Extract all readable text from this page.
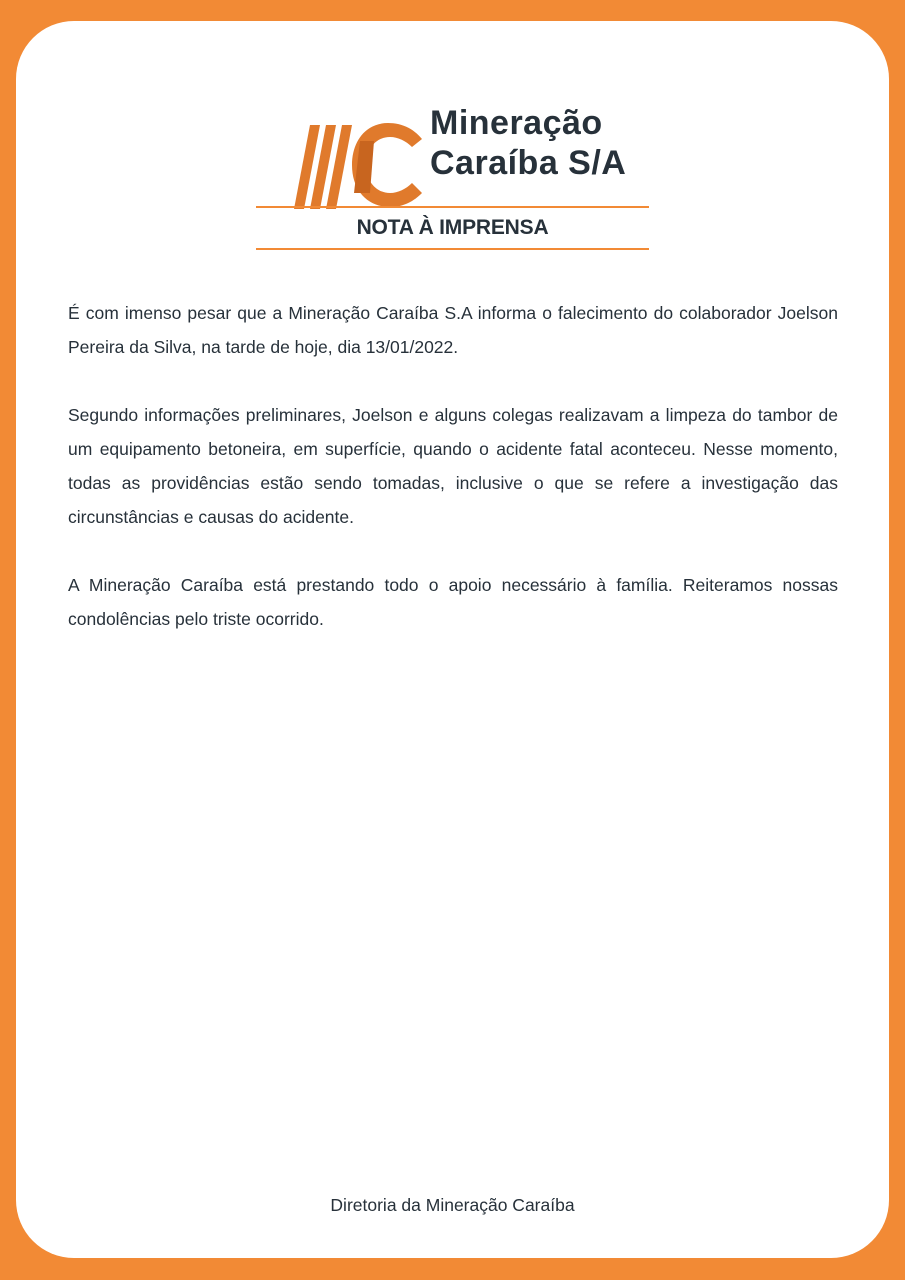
Mineração
Caraíba S/A
NOTA À IMPRENSA

É com imenso pesar que a Mineração Caraíba S.A informa o falecimento do colaborador Joelson Pereira da Silva, na tarde de hoje, dia 13/01/2022.

Segundo informações preliminares, Joelson e alguns colegas realizavam a limpeza do tambor de um equipamento betoneira, em superfície, quando o acidente fatal aconteceu. Nesse momento, todas as providências estão sendo tomadas, inclusive o que se refere a investigação das circunstâncias e causas do acidente.

A Mineração Caraíba está prestando todo o apoio necessário à família. Reiteramos nossas condolências pelo triste ocorrido.

Diretoria da Mineração Caraíba
